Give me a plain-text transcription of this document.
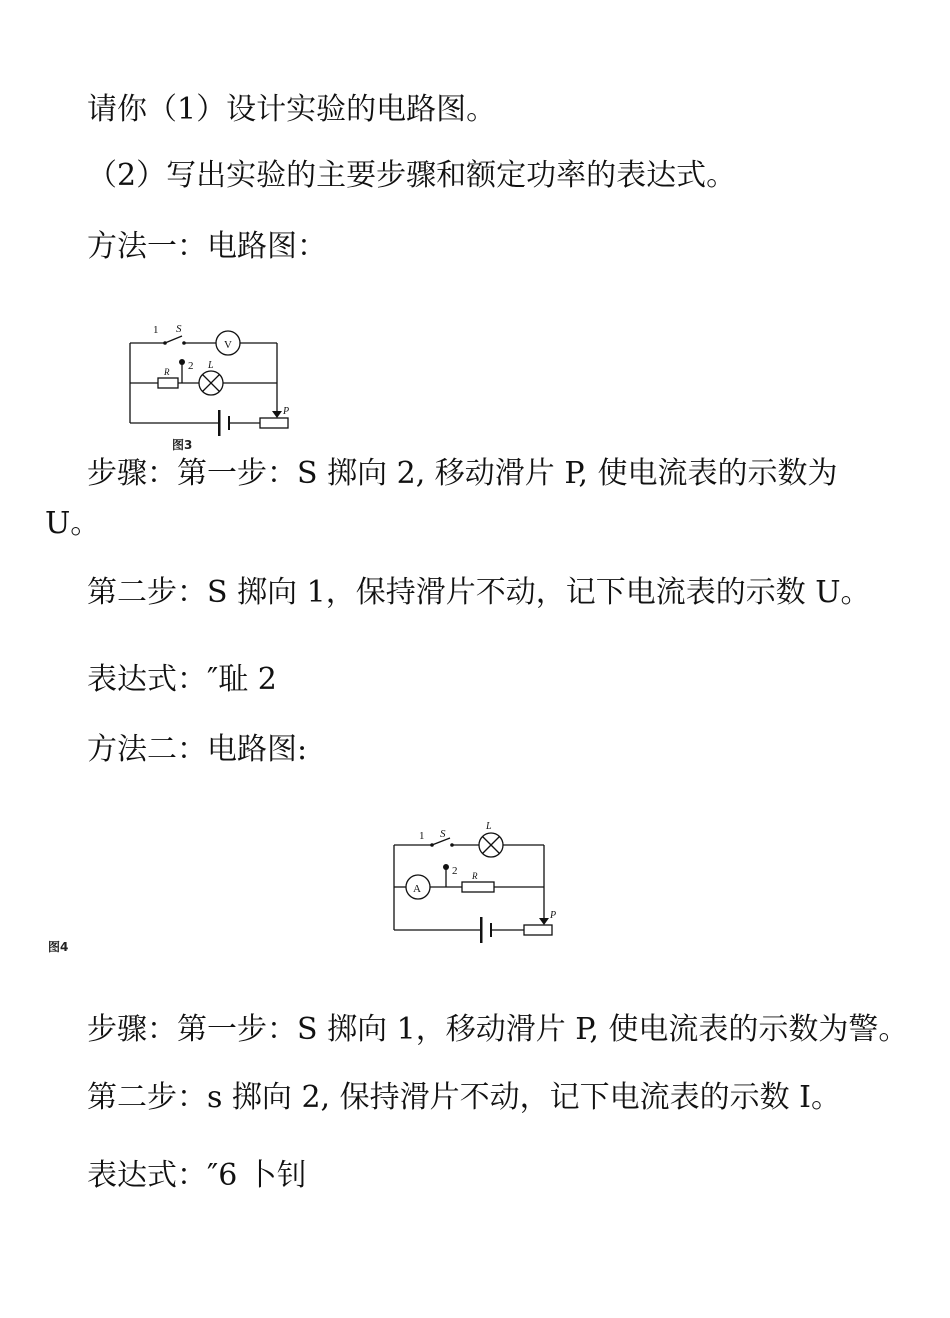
请你（1）设计实验的电路图。

（2）写出实验的主要步骤和额定功率的表达式。

方法一：电路图：

1 S
V
R 2 L
P
图3

步骤：第一步：S 掷向 2, 移动滑片 P, 使电流表的示数为

U。

第二步：S 掷向 1，保持滑片不动，记下电流表的示数 U。

表达式：″耻 2

方法二：电路图:

1 S
L
A
2 R
P
图4

步骤：第一步：S 掷向 1，移动滑片 P, 使电流表的示数为警。

第二步：s 掷向 2, 保持滑片不动，记下电流表的示数 I。

表达式：″6 卜钊
